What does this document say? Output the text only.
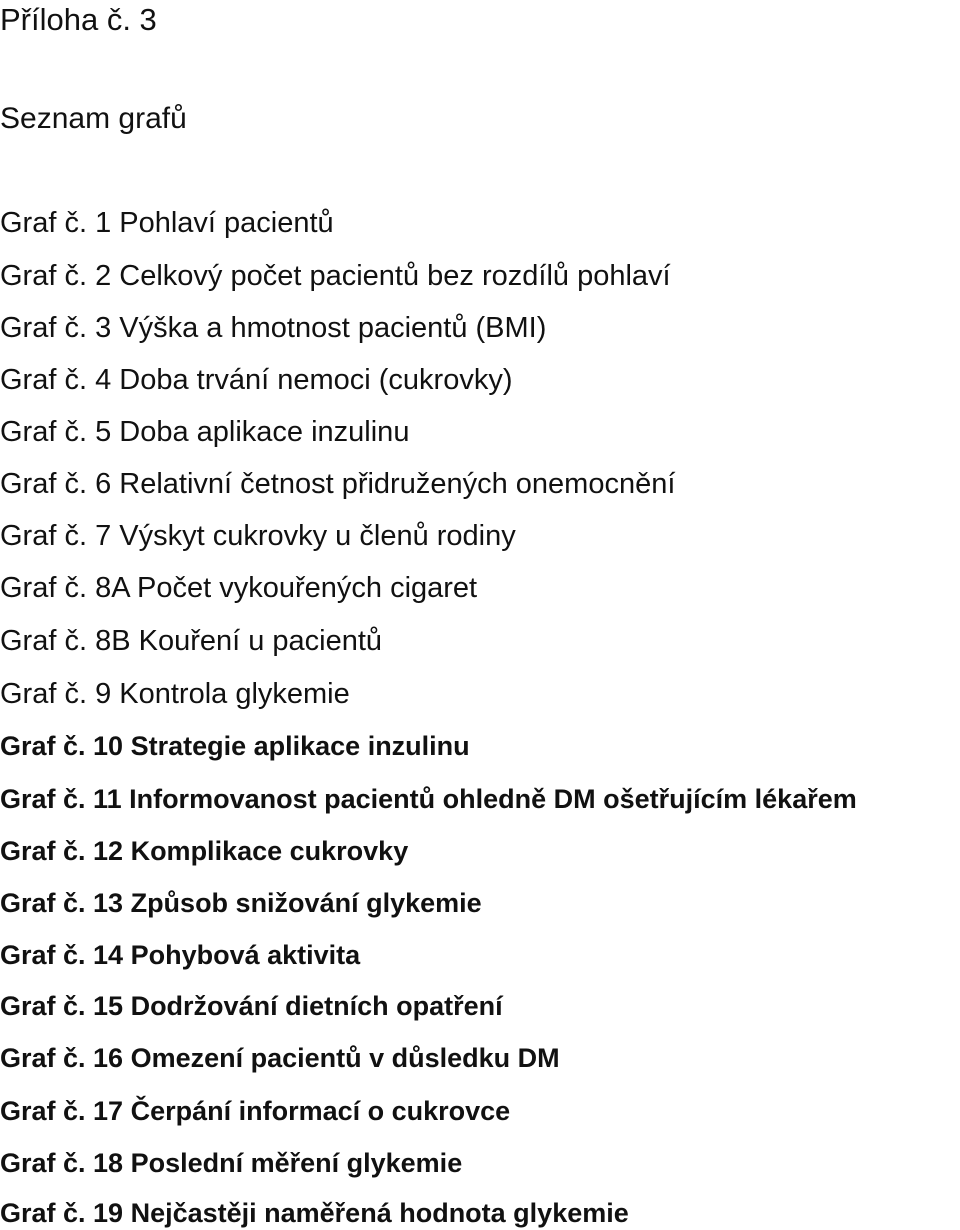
Příloha č. 3
Seznam grafů
Graf č. 1 Pohlaví pacientů
Graf č. 2 Celkový počet pacientů bez rozdílů pohlaví
Graf č. 3 Výška a hmotnost pacientů (BMI)
Graf č. 4 Doba trvání nemoci (cukrovky)
Graf č. 5 Doba aplikace inzulinu
Graf č. 6 Relativní četnost přidružených onemocnění
Graf č. 7 Výskyt cukrovky u členů rodiny
Graf č. 8A Počet vykouřených cigaret
Graf č. 8B Kouření u pacientů
Graf č. 9 Kontrola glykemie
Graf č. 10 Strategie aplikace inzulinu
Graf č. 11 Informovanost pacientů ohledně DM ošetřujícím lékařem
Graf č. 12 Komplikace cukrovky
Graf č. 13 Způsob snižování glykemie
Graf č. 14 Pohybová aktivita
Graf č. 15 Dodržování dietních opatření
Graf č. 16 Omezení pacientů v důsledku DM
Graf č. 17 Čerpání informací o cukrovce
Graf č. 18 Poslední měření glykemie
Graf č. 19 Nejčastěji naměřená hodnota glykemie
